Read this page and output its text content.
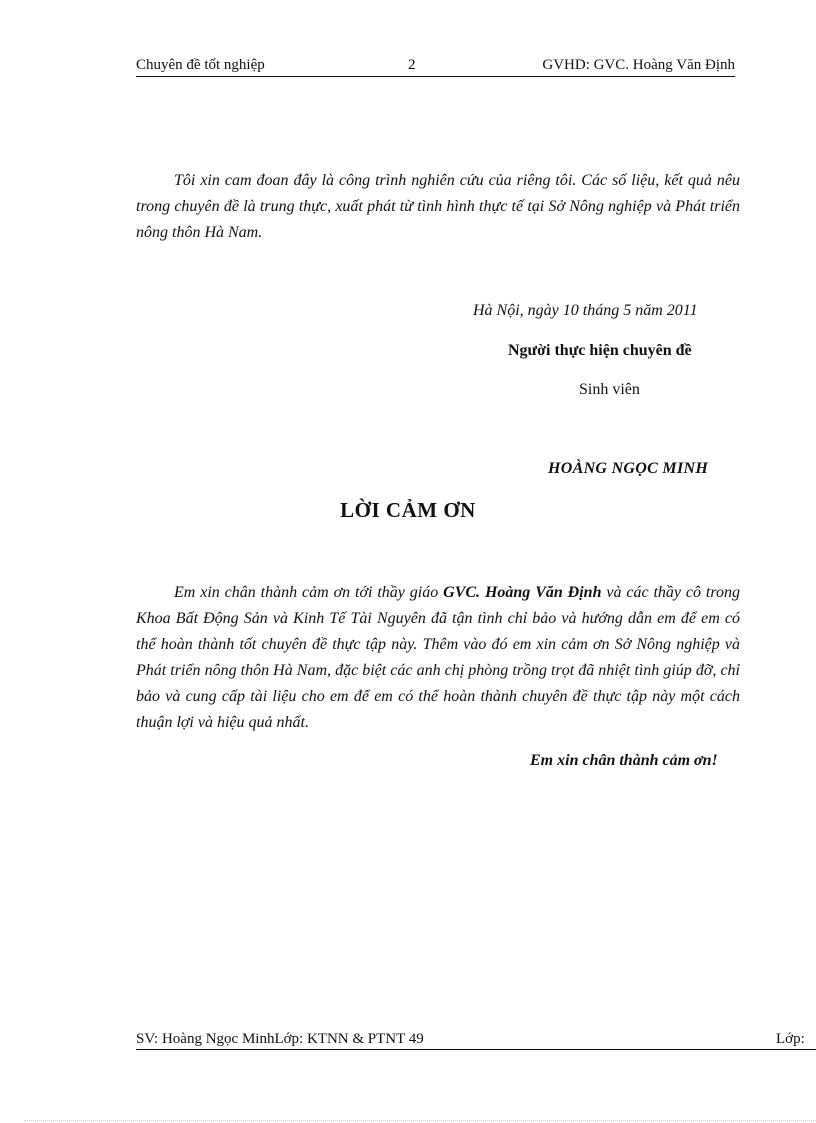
Chuyên đề tốt nghiệp	2	GVHD: GVC. Hoàng Văn Định

Tôi xin cam đoan đây là công trình nghiên cứu của riêng tôi. Các số liệu, kết quả nêu trong chuyên đề là trung thực, xuất phát từ tình hình thực tế tại Sở Nông nghiệp và Phát triển nông thôn Hà Nam.

Hà Nội, ngày 10 tháng 5 năm 2011
Người thực hiện chuyên đề
Sinh viên
HOÀNG NGỌC MINH
LỜI CẢM ƠN

Em xin chân thành cảm ơn tới thầy giáo GVC. Hoàng Văn Định và các thầy cô trong Khoa Bất Động Sản và Kinh Tế Tài Nguyên đã tận tình chỉ bảo và hướng dẫn em để em có thể hoàn thành tốt chuyên đề thực tập này. Thêm vào đó em xin cảm ơn Sở Nông nghiệp và Phát triển nông thôn Hà Nam, đặc biệt các anh chị phòng trồng trọt đã nhiệt tình giúp đỡ, chỉ bảo và cung cấp tài liệu cho em để em có thể hoàn thành chuyên đề thực tập này một cách thuận lợi và hiệu quả nhất.

Em xin chân thành cảm ơn!
SV: Hoàng Ngọc MinhLớp: KTNN & PTNT 49	Lớp:
